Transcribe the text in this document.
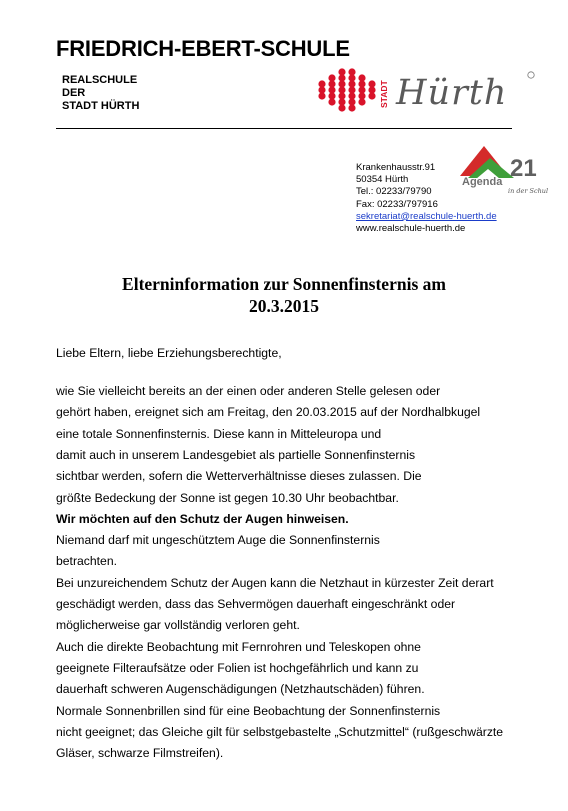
FRIEDRICH-EBERT-SCHULE
REALSCHULE
DER
STADT HÜRTH	STADT Hürth
Krankenhausstr.91
50354 Hürth
Tel.: 02233/79790
Fax: 02233/797916
sekretariat@realschule-huerth.de
www.realschule-huerth.de
Agenda 21
in der Schule
Elterninformation zur Sonnenfinsternis am
20.3.2015
Liebe Eltern, liebe Erziehungsberechtigte,
wie Sie vielleicht bereits an der einen oder anderen Stelle gelesen oder
gehört haben, ereignet sich am Freitag, den 20.03.2015 auf der Nordhalbkugel
eine totale Sonnenfinsternis. Diese kann in Mitteleuropa und
damit auch in unserem Landesgebiet als partielle Sonnenfinsternis
sichtbar werden, sofern die Wetterverhältnisse dieses zulassen. Die
größte Bedeckung der Sonne ist gegen 10.30 Uhr beobachtbar.
Wir möchten auf den Schutz der Augen hinweisen.
Niemand darf mit ungeschütztem Auge die Sonnenfinsternis
betrachten.
Bei unzureichendem Schutz der Augen kann die Netzhaut in kürzester Zeit derart
geschädigt werden, dass das Sehvermögen dauerhaft eingeschränkt oder
möglicherweise gar vollständig verloren geht.
Auch die direkte Beobachtung mit Fernrohren und Teleskopen ohne
geeignete Filteraufsätze oder Folien ist hochgefährlich und kann zu
dauerhaft schweren Augenschädigungen (Netzhautschäden) führen.
Normale Sonnenbrillen sind für eine Beobachtung der Sonnenfinsternis
nicht geeignet; das Gleiche gilt für selbstgebastelte „Schutzmittel“ (rußgeschwärzte
Gläser, schwarze Filmstreifen).
